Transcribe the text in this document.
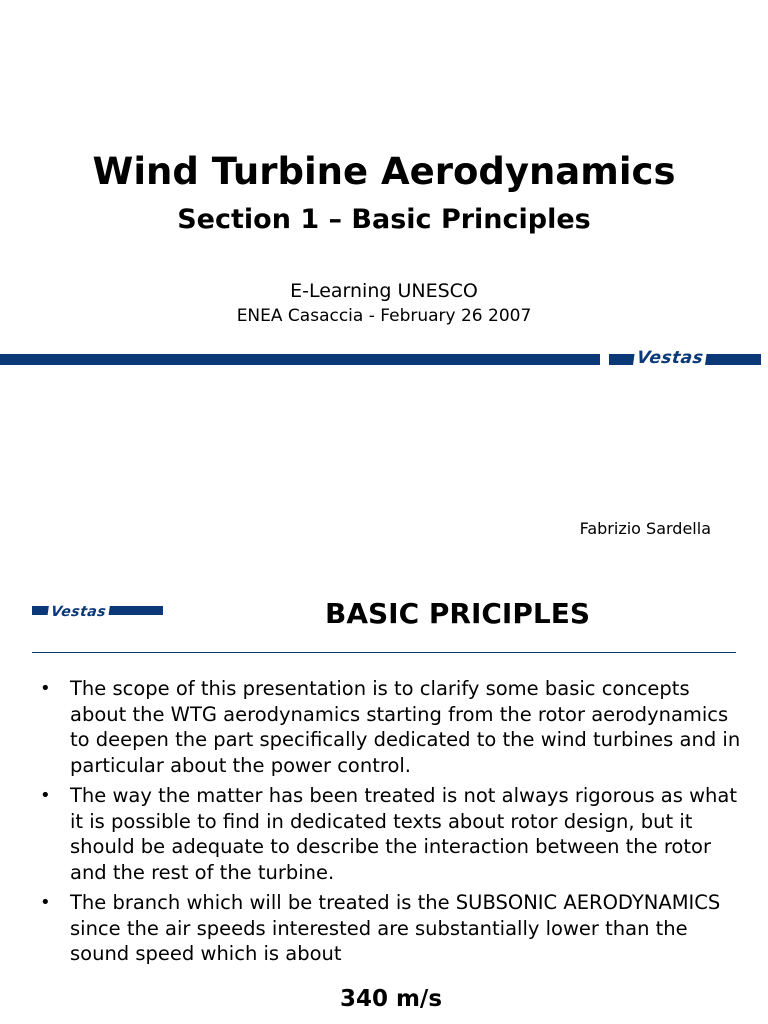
Wind Turbine Aerodynamics
Section 1 – Basic Principles
E-Learning UNESCO
ENEA Casaccia - February 26 2007
Vestas
Fabrizio Sardella
Vestas	BASIC PRICIPLES
• The scope of this presentation is to clarify some basic concepts about the WTG aerodynamics starting from the rotor aerodynamics to deepen the part specifically dedicated to the wind turbines and in particular about the power control.
• The way the matter has been treated is not always rigorous as what it is possible to find in dedicated texts about rotor design, but it should be adequate to describe the interaction between the rotor and the rest of the turbine.
• The branch which will be treated is the SUBSONIC AERODYNAMICS since the air speeds interested are substantially lower than the sound speed which is about
340 m/s
